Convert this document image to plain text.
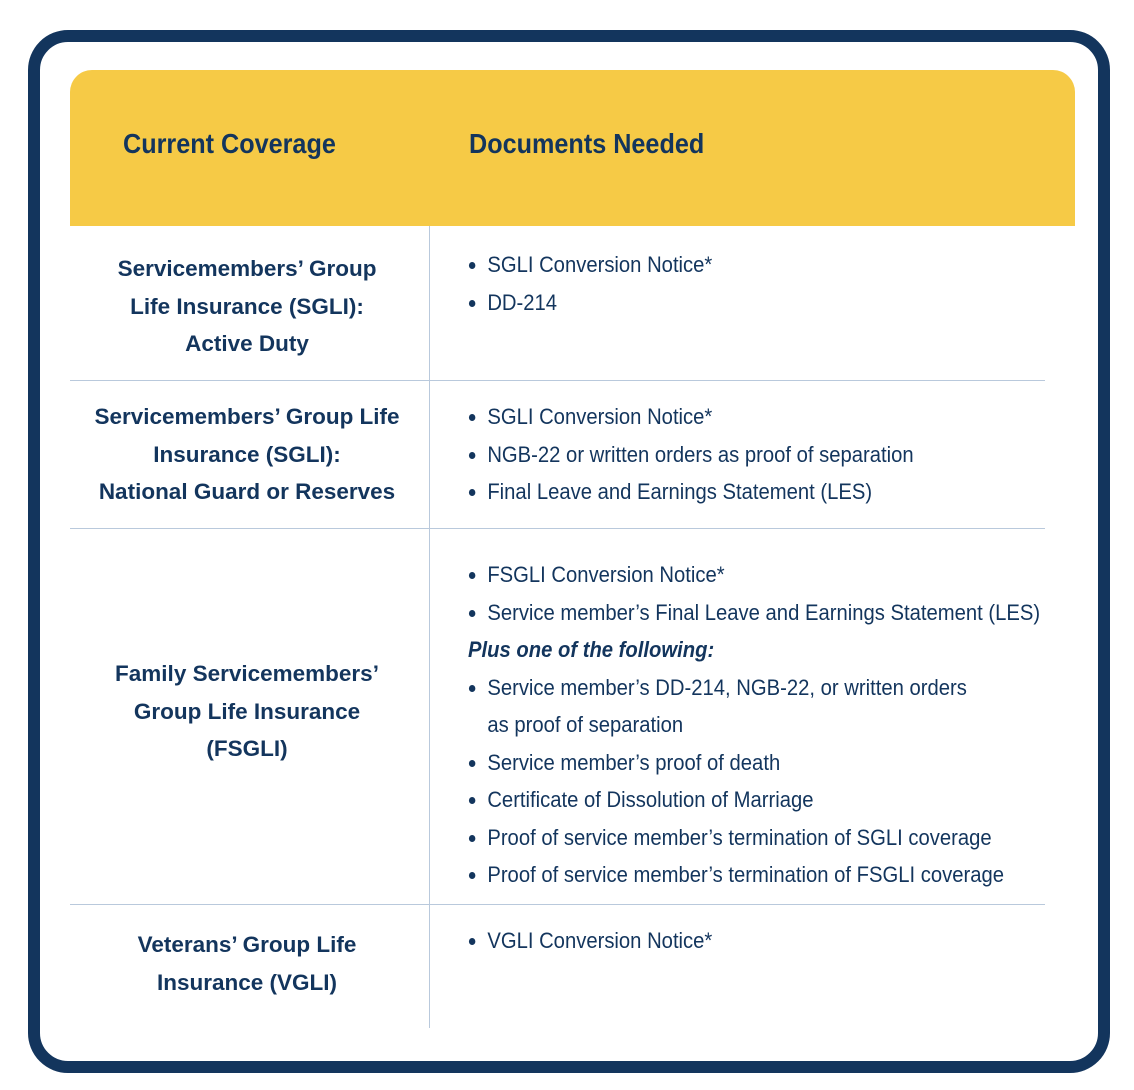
Current Coverage	Documents Needed
Servicemembers’ Group
Life Insurance (SGLI):
Active Duty
SGLI Conversion Notice*
DD-214
Servicemembers’ Group Life
Insurance (SGLI):
National Guard or Reserves
SGLI Conversion Notice*
NGB-22 or written orders as proof of separation
Final Leave and Earnings Statement (LES)
Family Servicemembers’
Group Life Insurance
(FSGLI)
FSGLI Conversion Notice*
Service member’s Final Leave and Earnings Statement (LES)
Plus one of the following:
Service member’s DD-214, NGB-22, or written orders
as proof of separation
Service member’s proof of death
Certificate of Dissolution of Marriage
Proof of service member’s termination of SGLI coverage
Proof of service member’s termination of FSGLI coverage
Veterans’ Group Life
Insurance (VGLI)
VGLI Conversion Notice*
